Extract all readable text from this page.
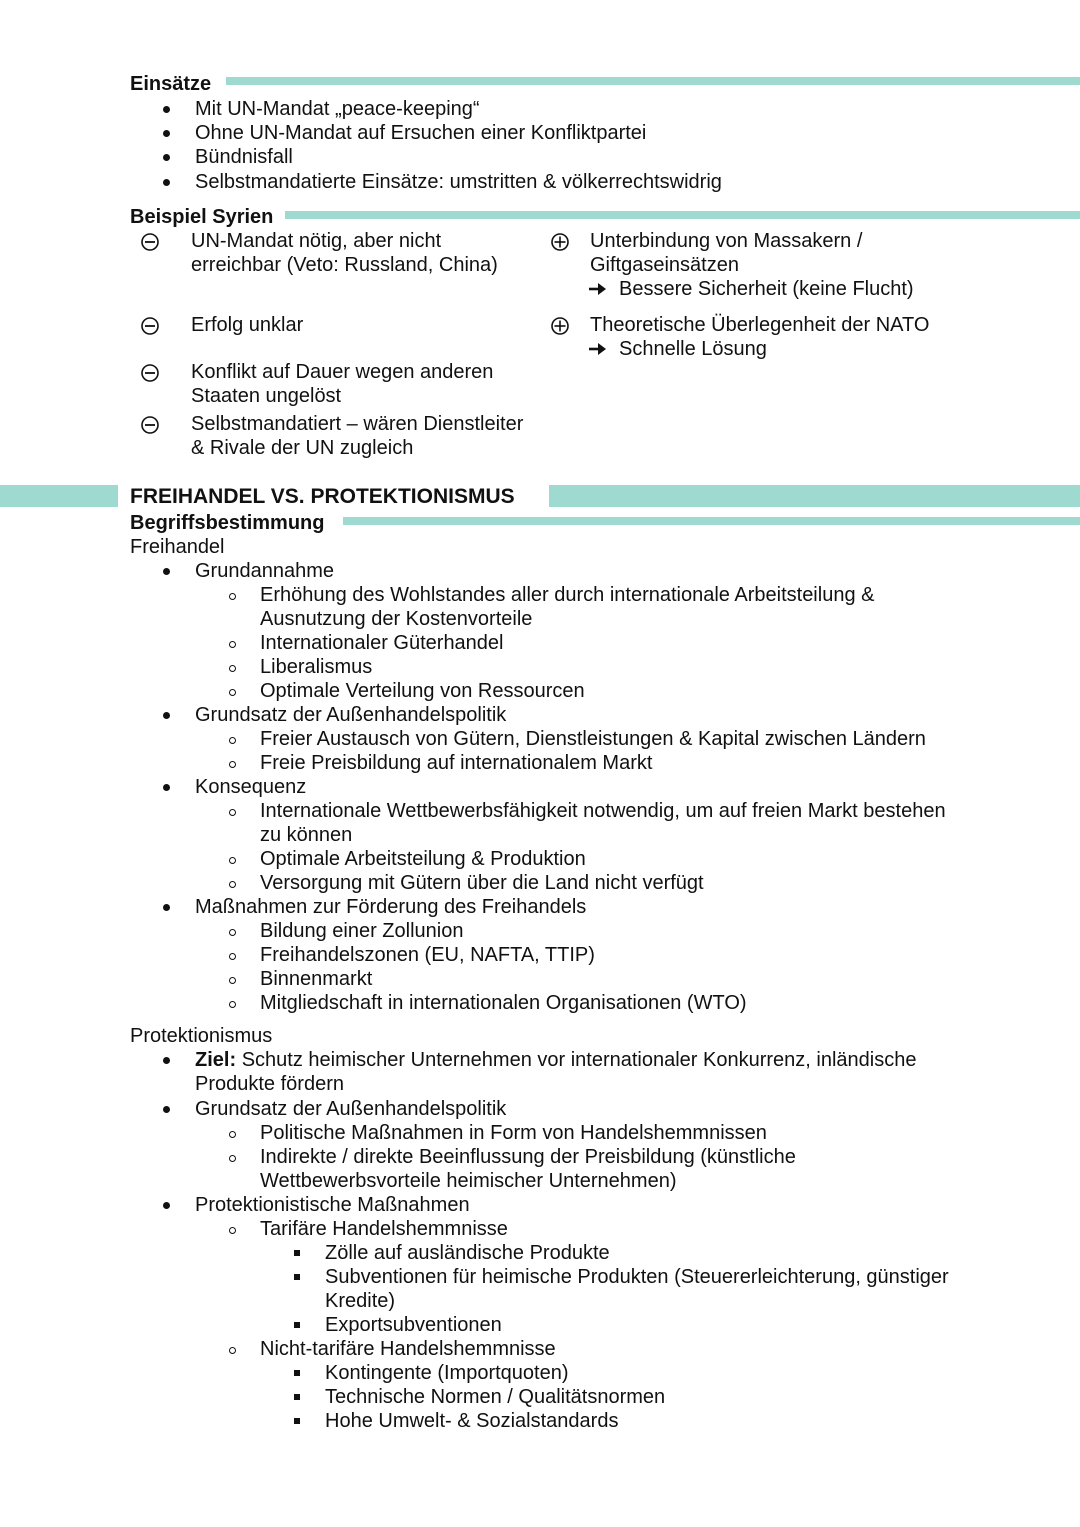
Einsätze
Mit UN-Mandat „peace-keeping“
Ohne UN-Mandat auf Ersuchen einer Konfliktpartei
Bündnisfall
Selbstmandatierte Einsätze: umstritten & völkerrechtswidrig
Beispiel Syrien
UN-Mandat nötig, aber nicht
erreichbar (Veto: Russland, China)
Erfolg unklar
Konflikt auf Dauer wegen anderen
Staaten ungelöst
Selbstmandatiert – wären Dienstleiter
& Rivale der UN zugleich
Unterbindung von Massakern /
Giftgaseinsätzen
Bessere Sicherheit (keine Flucht)
Theoretische Überlegenheit der NATO
Schnelle Lösung
FREIHANDEL VS. PROTEKTIONISMUS
Begriffsbestimmung
Freihandel
Grundannahme
Erhöhung des Wohlstandes aller durch internationale Arbeitsteilung &
Ausnutzung der Kostenvorteile
Internationaler Güterhandel
Liberalismus
Optimale Verteilung von Ressourcen
Grundsatz der Außenhandelspolitik
Freier Austausch von Gütern, Dienstleistungen & Kapital zwischen Ländern
Freie Preisbildung auf internationalem Markt
Konsequenz
Internationale Wettbewerbsfähigkeit notwendig, um auf freien Markt bestehen
zu können
Optimale Arbeitsteilung & Produktion
Versorgung mit Gütern über die Land nicht verfügt
Maßnahmen zur Förderung des Freihandels
Bildung einer Zollunion
Freihandelszonen (EU, NAFTA, TTIP)
Binnenmarkt
Mitgliedschaft in internationalen Organisationen (WTO)
Protektionismus
Ziel: Schutz heimischer Unternehmen vor internationaler Konkurrenz, inländische
Produkte fördern
Grundsatz der Außenhandelspolitik
Politische Maßnahmen in Form von Handelshemmnissen
Indirekte / direkte Beeinflussung der Preisbildung (künstliche
Wettbewerbsvorteile heimischer Unternehmen)
Protektionistische Maßnahmen
Tarifäre Handelshemmnisse
Zölle auf ausländische Produkte
Subventionen für heimische Produkten (Steuererleichterung, günstiger
Kredite)
Exportsubventionen
Nicht-tarifäre Handelshemmnisse
Kontingente (Importquoten)
Technische Normen / Qualitätsnormen
Hohe Umwelt- & Sozialstandards
